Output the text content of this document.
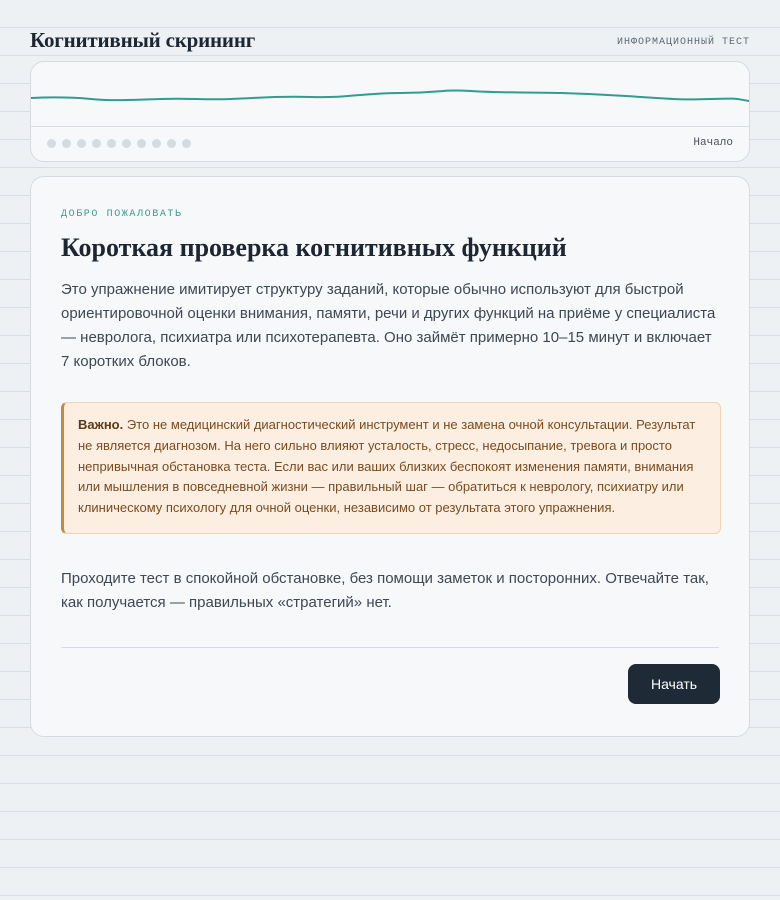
Когнитивный скрининг	ИНФОРМАЦИОННЫЙ ТЕСТ
Начало
ДОБРО ПОЖАЛОВАТЬ
Короткая проверка когнитивных функций

Это упражнение имитирует структуру заданий, которые обычно используют для быстрой ориентировочной оценки внимания, памяти, речи и других функций на приёме у специалиста — невролога, психиатра или психотерапевта. Оно займёт примерно 10–15 минут и включает 7 коротких блоков.

Важно. Это не медицинский диагностический инструмент и не замена очной консультации. Результат не является диагнозом. На него сильно влияют усталость, стресс, недосыпание, тревога и просто непривычная обстановка теста. Если вас или ваших близких беспокоят изменения памяти, внимания или мышления в повседневной жизни — правильный шаг — обратиться к неврологу, психиатру или клиническому психологу для очной оценки, независимо от результата этого упражнения.

Проходите тест в спокойной обстановке, без помощи заметок и посторонних. Отвечайте так, как получается — правильных «стратегий» нет.

Начать
